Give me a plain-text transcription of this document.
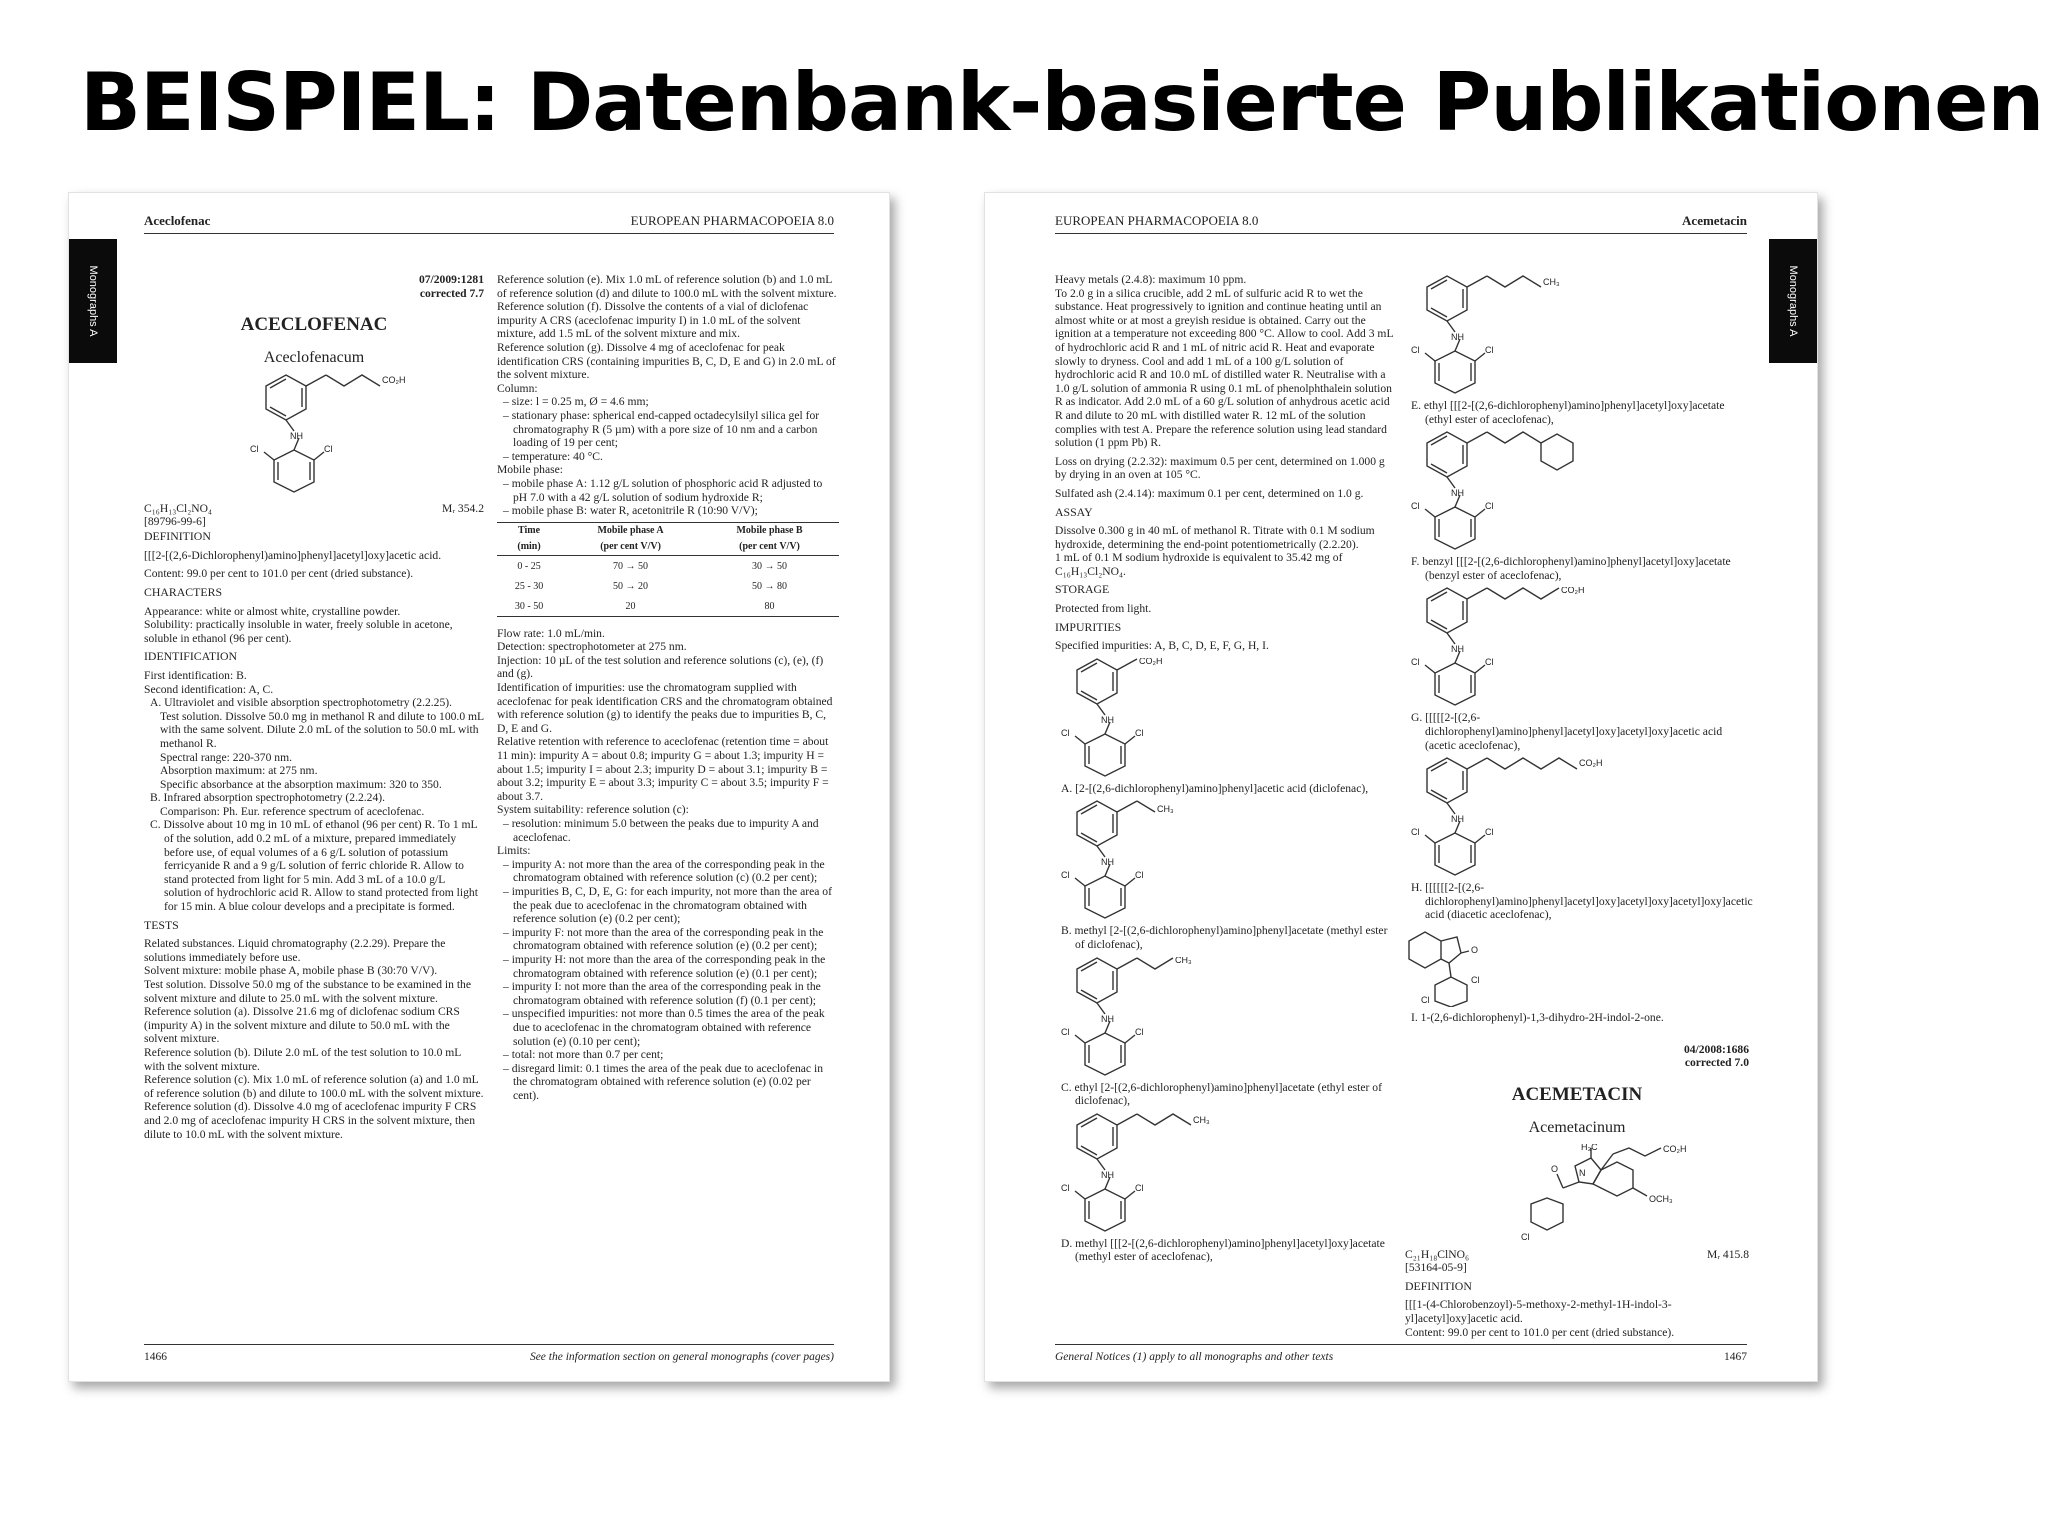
BEISPIEL: Datenbank-basierte Publikationen
Aceclofenac	EUROPEAN PHARMACOPOEIA 8.0
Monographs A	07/2009:1281
corrected 7.7
ACECLOFENAC
Aceclofenacum
CO₂H
C₁₆H₁₃Cl₂NO₄	Mᵣ 354.2
[89796-99-6]

DEFINITION

[[[2-[(2,6-Dichlorophenyl)amino]phenyl]acetyl]oxy]acetic acid.

Content: 99.0 per cent to 101.0 per cent (dried substance).

CHARACTERS

Appearance: white or almost white, crystalline powder.

Solubility: practically insoluble in water, freely soluble in acetone, soluble in ethanol (96 per cent).

IDENTIFICATION

First identification: B.

Second identification: A, C.

A. Ultraviolet and visible absorption spectrophotometry (2.2.25).

Test solution. Dissolve 50.0 mg in methanol R and dilute to 100.0 mL with the same solvent. Dilute 2.0 mL of the solution to 50.0 mL with methanol R.

Spectral range: 220-370 nm.

Absorption maximum: at 275 nm.

Specific absorbance at the absorption maximum: 320 to 350.

B. Infrared absorption spectrophotometry (2.2.24).

Comparison: Ph. Eur. reference spectrum of aceclofenac.

C. Dissolve about 10 mg in 10 mL of ethanol (96 per cent) R. To 1 mL of the solution, add 0.2 mL of a mixture, prepared immediately before use, of equal volumes of a 6 g/L solution of potassium ferricyanide R and a 9 g/L solution of ferric chloride R. Allow to stand protected from light for 5 min. Add 3 mL of a 10.0 g/L solution of hydrochloric acid R. Allow to stand protected from light for 15 min. A blue colour develops and a precipitate is formed.

TESTS

Related substances. Liquid chromatography (2.2.29). Prepare the solutions immediately before use.

Solvent mixture: mobile phase A, mobile phase B (30:70 V/V).

Test solution. Dissolve 50.0 mg of the substance to be examined in the solvent mixture and dilute to 25.0 mL with the solvent mixture.

Reference solution (a). Dissolve 21.6 mg of diclofenac sodium CRS (impurity A) in the solvent mixture and dilute to 50.0 mL with the solvent mixture.

Reference solution (b). Dilute 2.0 mL of the test solution to 10.0 mL with the solvent mixture.

Reference solution (c). Mix 1.0 mL of reference solution (a) and 1.0 mL of reference solution (b) and dilute to 100.0 mL with the solvent mixture.

Reference solution (d). Dissolve 4.0 mg of aceclofenac impurity F CRS and 2.0 mg of aceclofenac impurity H CRS in the solvent mixture, then dilute to 10.0 mL with the solvent mixture.

Reference solution (e). Mix 1.0 mL of reference solution (b) and 1.0 mL of reference solution (d) and dilute to 100.0 mL with the solvent mixture.

Reference solution (f). Dissolve the contents of a vial of diclofenac impurity A CRS (aceclofenac impurity I) in 1.0 mL of the solvent mixture, add 1.5 mL of the solvent mixture and mix.

Reference solution (g). Dissolve 4 mg of aceclofenac for peak identification CRS (containing impurities B, C, D, E and G) in 2.0 mL of the solvent mixture.

Column:

– size: l = 0.25 m, Ø = 4.6 mm;

– stationary phase: spherical end-capped octadecylsilyl silica gel for chromatography R (5 µm) with a pore size of 10 nm and a carbon loading of 19 per cent;

– temperature: 40 °C.

Mobile phase:

– mobile phase A: 1.12 g/L solution of phosphoric acid R adjusted to pH 7.0 with a 42 g/L solution of sodium hydroxide R;

– mobile phase B: water R, acetonitrile R (10:90 V/V);

Time	Mobile phase A	Mobile phase B
(min)	(per cent V/V)	(per cent V/V)
0 - 25	70 → 50	30 → 50
25 - 30	50 → 20	50 → 80
30 - 50	20	80

Flow rate: 1.0 mL/min.

Detection: spectrophotometer at 275 nm.

Injection: 10 µL of the test solution and reference solutions (c), (e), (f) and (g).

Identification of impurities: use the chromatogram supplied with aceclofenac for peak identification CRS and the chromatogram obtained with reference solution (g) to identify the peaks due to impurities B, C, D, E and G.

Relative retention with reference to aceclofenac (retention time = about 11 min): impurity A = about 0.8; impurity G = about 1.3; impurity H = about 1.5; impurity I = about 2.3; impurity D = about 3.1; impurity B = about 3.2; impurity E = about 3.3; impurity C = about 3.5; impurity F = about 3.7.

System suitability: reference solution (c):

– resolution: minimum 5.0 between the peaks due to impurity A and aceclofenac.

Limits:

– impurity A: not more than the area of the corresponding peak in the chromatogram obtained with reference solution (c) (0.2 per cent);

– impurities B, C, D, E, G: for each impurity, not more than the area of the peak due to aceclofenac in the chromatogram obtained with reference solution (e) (0.2 per cent);

– impurity F: not more than the area of the corresponding peak in the chromatogram obtained with reference solution (e) (0.2 per cent);

– impurity H: not more than the area of the corresponding peak in the chromatogram obtained with reference solution (e) (0.1 per cent);

– impurity I: not more than the area of the corresponding peak in the chromatogram obtained with reference solution (f) (0.1 per cent);

– unspecified impurities: not more than 0.5 times the area of the peak due to aceclofenac in the chromatogram obtained with reference solution (e) (0.10 per cent);

– total: not more than 0.7 per cent;

– disregard limit: 0.1 times the area of the peak due to aceclofenac in the chromatogram obtained with reference solution (e) (0.02 per cent).

1466	See the information section on general monographs (cover pages)
EUROPEAN PHARMACOPOEIA 8.0	Acemetacin
Monographs A

Heavy metals (2.4.8): maximum 10 ppm.

To 2.0 g in a silica crucible, add 2 mL of sulfuric acid R to wet the substance. Heat progressively to ignition and continue heating until an almost white or at most a greyish residue is obtained. Carry out the ignition at a temperature not exceeding 800 °C. Allow to cool. Add 3 mL of hydrochloric acid R and 1 mL of nitric acid R. Heat and evaporate slowly to dryness. Cool and add 1 mL of a 100 g/L solution of hydrochloric acid R and 10.0 mL of distilled water R. Neutralise with a 1.0 g/L solution of ammonia R using 0.1 mL of phenolphthalein solution R as indicator. Add 2.0 mL of a 60 g/L solution of anhydrous acetic acid R and dilute to 20 mL with distilled water R. 12 mL of the solution complies with test A. Prepare the reference solution using lead standard solution (1 ppm Pb) R.

Loss on drying (2.2.32): maximum 0.5 per cent, determined on 1.000 g by drying in an oven at 105 °C.

Sulfated ash (2.4.14): maximum 0.1 per cent, determined on 1.0 g.

ASSAY

Dissolve 0.300 g in 40 mL of methanol R. Titrate with 0.1 M sodium hydroxide, determining the end-point potentiometrically (2.2.20).

1 mL of 0.1 M sodium hydroxide is equivalent to 35.42 mg of C₁₆H₁₃Cl₂NO₄.

STORAGE

Protected from light.

IMPURITIES

Specified impurities: A, B, C, D, E, F, G, H, I.

CO₂H

A. [2-[(2,6-dichlorophenyl)amino]phenyl]acetic acid (diclofenac),

CH₃

B. methyl [2-[(2,6-dichlorophenyl)amino]phenyl]acetate (methyl ester of diclofenac),

CH₃

C. ethyl [2-[(2,6-dichlorophenyl)amino]phenyl]acetate (ethyl ester of diclofenac),

CH₃

D. methyl [[[2-[(2,6-dichlorophenyl)amino]phenyl]acetyl]oxy]acetate (methyl ester of aceclofenac),

CH₃

E. ethyl [[[2-[(2,6-dichlorophenyl)amino]phenyl]acetyl]oxy]acetate (ethyl ester of aceclofenac),

F. benzyl [[[2-[(2,6-dichlorophenyl)amino]phenyl]acetyl]oxy]acetate (benzyl ester of aceclofenac),

CO₂H

G. [[[[[2-[(2,6-dichlorophenyl)amino]phenyl]acetyl]oxy]acetyl]oxy]acetic acid (acetic aceclofenac),

CO₂H

H. [[[[[[2-[(2,6-dichlorophenyl)amino]phenyl]acetyl]oxy]acetyl]oxy]acetyl]oxy]acetic acid (diacetic aceclofenac),

O
Cl
Cl

I. 1-(2,6-dichlorophenyl)-1,3-dihydro-2H-indol-2-one.

04/2008:1686
corrected 7.0
ACEMETACIN
Acemetacinum
H₃C
N
CO₂H
OCH₃
O
Cl
C₂₁H₁₈ClNO₆	Mᵣ 415.8
[53164-05-9]

DEFINITION

[[[1-(4-Chlorobenzoyl)-5-methoxy-2-methyl-1H-indol-3-yl]acetyl]oxy]acetic acid.

Content: 99.0 per cent to 101.0 per cent (dried substance).

General Notices (1) apply to all monographs and other texts	1467
